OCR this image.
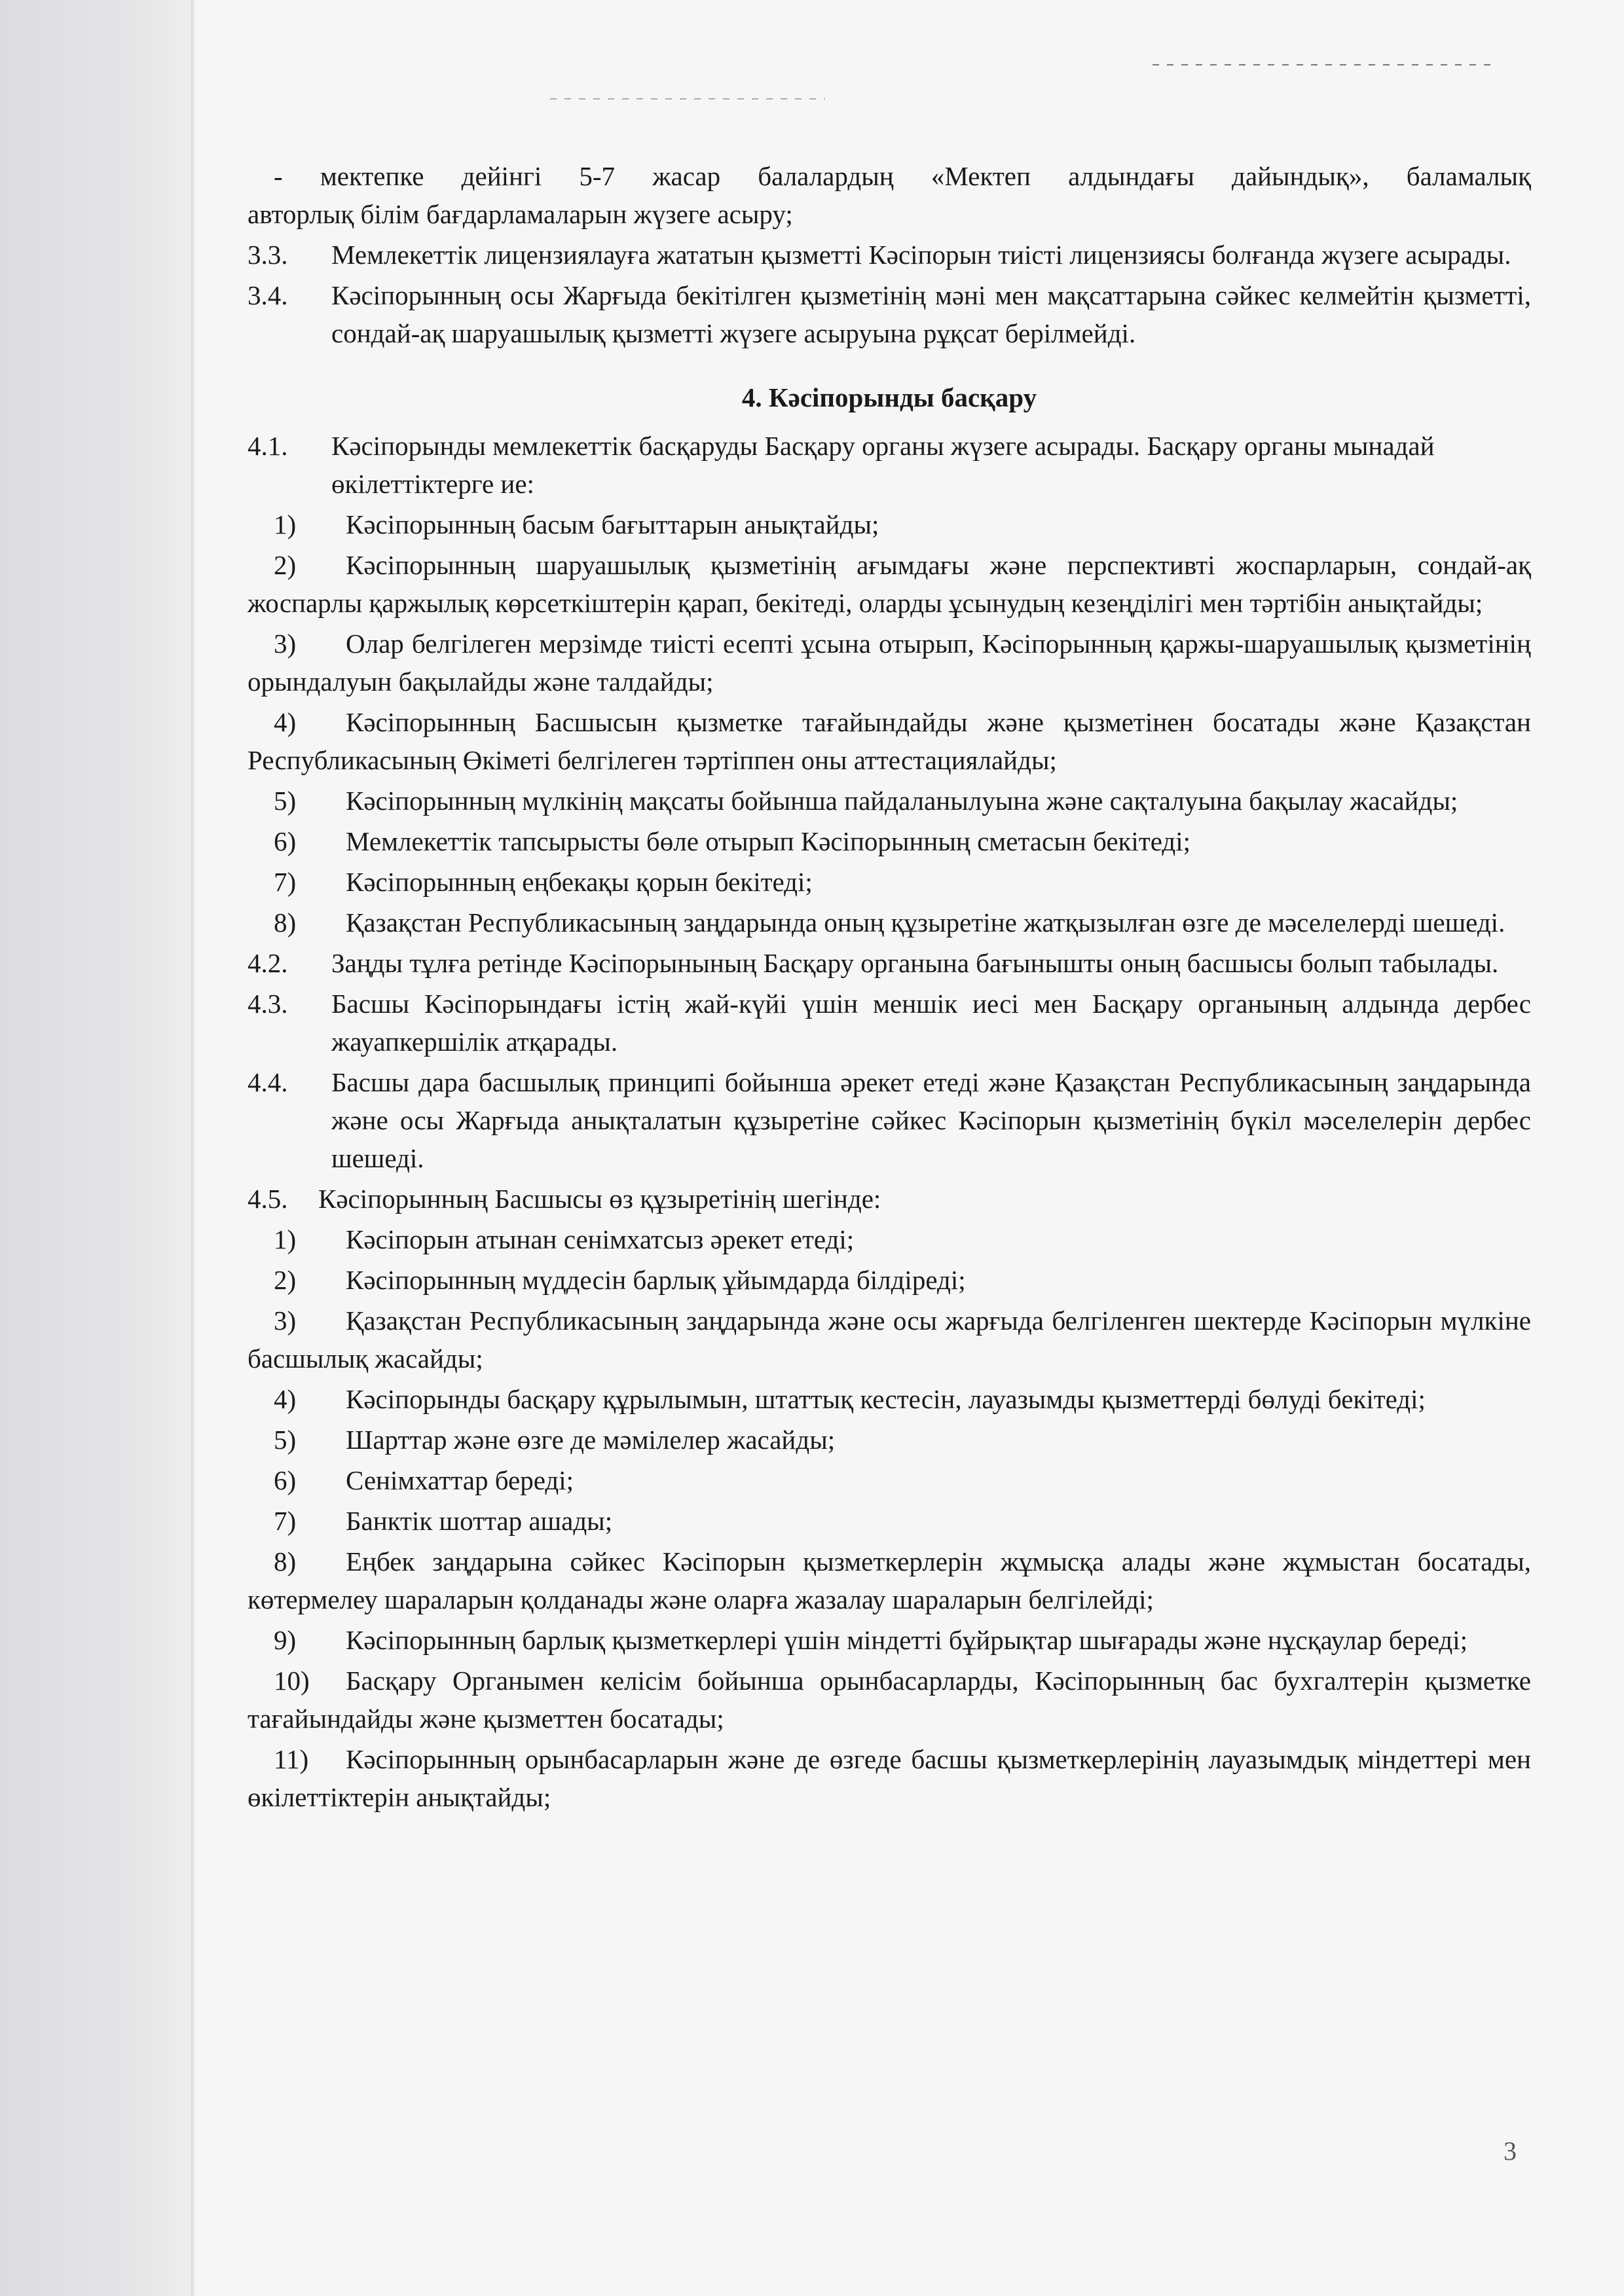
- мектепке дейінгі 5-7 жасар балалардың «Мектеп алдындағы дайындық», баламалық
авторлық білім бағдарламаларын жүзеге асыру;
3.3.	Мемлекеттік лицензиялауға жататын қызметті Кәсіпорын тиісті лицензиясы болғанда жүзеге асырады.
3.4.	Кәсіпорынның осы Жарғыда бекітілген қызметінің мәні мен мақсаттарына сәйкес келмейтін қызметті, сондай-ақ шаруашылық қызметті жүзеге асыруына рұқсат берілмейді.
4. Кәсіпорынды басқару
4.1.	Кәсіпорынды мемлекеттік басқаруды Басқару органы жүзеге асырады. Басқару органы мынадай өкілеттіктерге ие:
1) Кәсіпорынның басым бағыттарын анықтайды;
2) Кәсіпорынның шаруашылық қызметінің ағымдағы және перспективті жоспарларын, сондай-ақ жоспарлы қаржылық көрсеткіштерін қарап, бекітеді, оларды ұсынудың кезеңділігі мен тәртібін анықтайды;
3) Олар белгілеген мерзімде тиісті есепті ұсына отырып, Кәсіпорынның қаржы-шаруашылық қызметінің орындалуын бақылайды және талдайды;
4) Кәсіпорынның Басшысын қызметке тағайындайды және қызметінен босатады және Қазақстан Республикасының Өкіметі белгілеген тәртіппен оны аттестациялайды;
5) Кәсіпорынның мүлкінің мақсаты бойынша пайдаланылуына және сақталуына бақылау жасайды;
6) Мемлекеттік тапсырысты бөле отырып Кәсіпорынның сметасын бекітеді;
7) Кәсіпорынның еңбекақы қорын бекітеді;
8) Қазақстан Республикасының заңдарында оның құзыретіне жатқызылған өзге де мәселелерді шешеді.
4.2.	Заңды тұлға ретінде Кәсіпорынының Басқару органына бағынышты оның басшысы болып табылады.
4.3.	Басшы Кәсіпорындағы істің жай-күйі үшін меншік иесі мен Басқару органының алдында дербес жауапкершілік атқарады.
4.4.	Басшы дара басшылық принципі бойынша әрекет етеді және Қазақстан Республикасының заңдарында және осы Жарғыда анықталатын құзыретіне сәйкес Кәсіпорын қызметінің бүкіл мәселелерін дербес шешеді.
4.5.	Кәсіпорынның Басшысы өз құзыретінің шегінде:
1) Кәсіпорын атынан сенімхатсыз әрекет етеді;
2) Кәсіпорынның мүддесін барлық ұйымдарда білдіреді;
3) Қазақстан Республикасының заңдарында және осы жарғыда белгіленген шектерде Кәсіпорын мүлкіне басшылық жасайды;
4) Кәсіпорынды басқару құрылымын, штаттық кестесін, лауазымды қызметтерді бөлуді бекітеді;
5) Шарттар және өзге де мәмілелер жасайды;
6) Сенімхаттар береді;
7) Банктік шоттар ашады;
8) Еңбек заңдарына сәйкес Кәсіпорын қызметкерлерін жұмысқа алады және жұмыстан босатады, көтермелеу шараларын қолданады және оларға жазалау шараларын белгілейді;
9) Кәсіпорынның барлық қызметкерлері үшін міндетті бұйрықтар шығарады және нұсқаулар береді;
10) Басқару Органымен келісім бойынша орынбасарларды, Кәсіпорынның бас бухгалтерін қызметке тағайындайды және қызметтен босатады;
11) Кәсіпорынның орынбасарларын және де өзгеде басшы қызметкерлерінің лауазымдық міндеттері мен өкілеттіктерін анықтайды;
3
